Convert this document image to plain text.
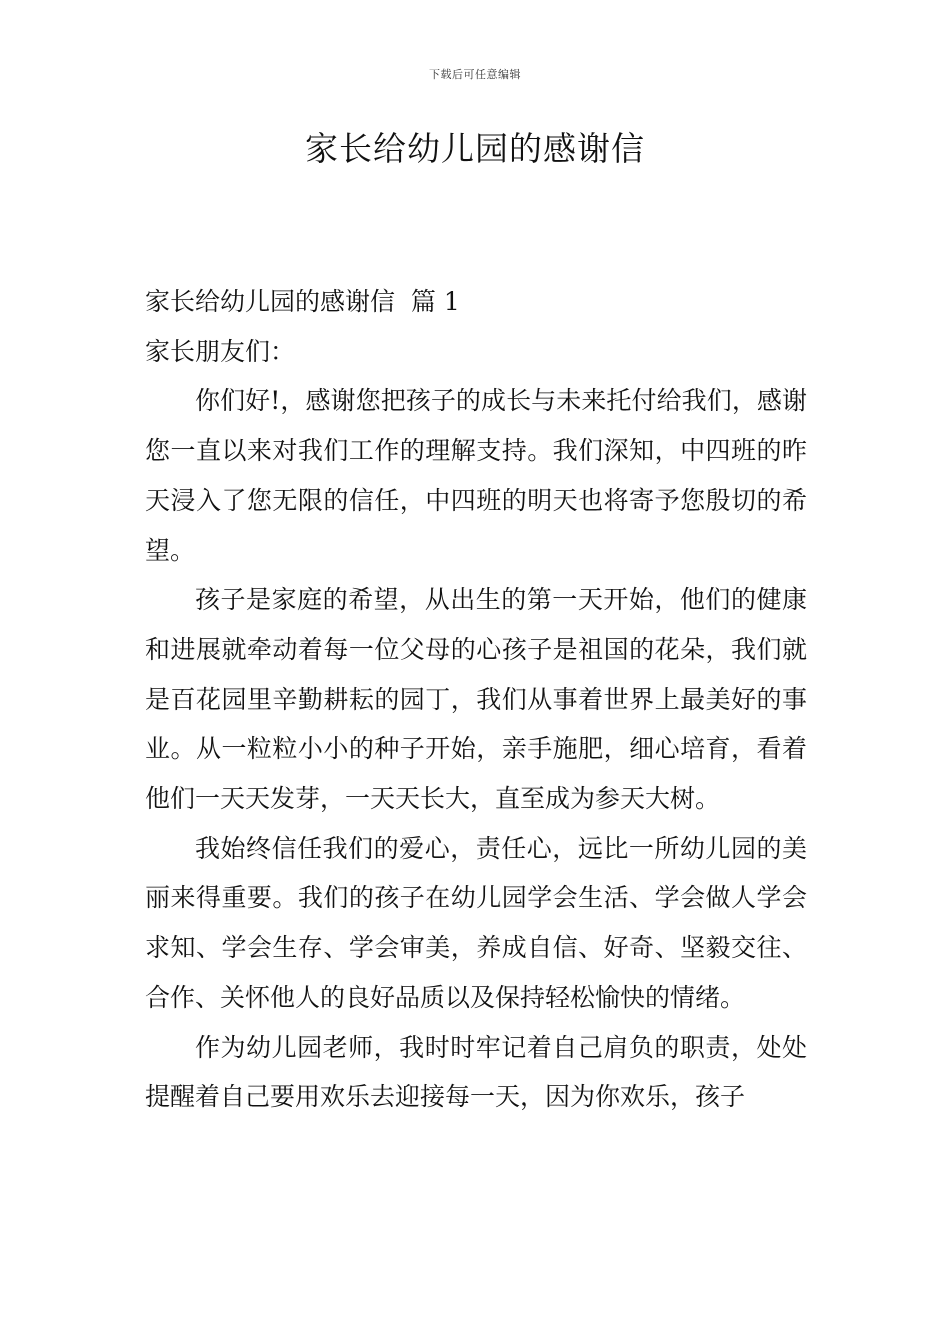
下载后可任意编辑
家长给幼儿园的感谢信

家长给幼儿园的感谢信  篇 1

家长朋友们：

你们好!，感谢您把孩子的成长与未来托付给我们，感谢您一直以来对我们工作的理解支持。我们深知，中四班的昨天浸入了您无限的信任，中四班的明天也将寄予您殷切的希望。

孩子是家庭的希望，从出生的第一天开始，他们的健康和进展就牵动着每一位父母的心孩子是祖国的花朵，我们就是百花园里辛勤耕耘的园丁，我们从事着世界上最美好的事业。从一粒粒小小的种子开始，亲手施肥，细心培育，看着他们一天天发芽，一天天长大，直至成为参天大树。

我始终信任我们的爱心，责任心，远比一所幼儿园的美丽来得重要。我们的孩子在幼儿园学会生活、学会做人学会求知、学会生存、学会审美，养成自信、好奇、坚毅交往、合作、关怀他人的良好品质以及保持轻松愉快的情绪。

作为幼儿园老师，我时时牢记着自己肩负的职责，处处提醒着自己要用欢乐去迎接每一天，因为你欢乐，孩子
